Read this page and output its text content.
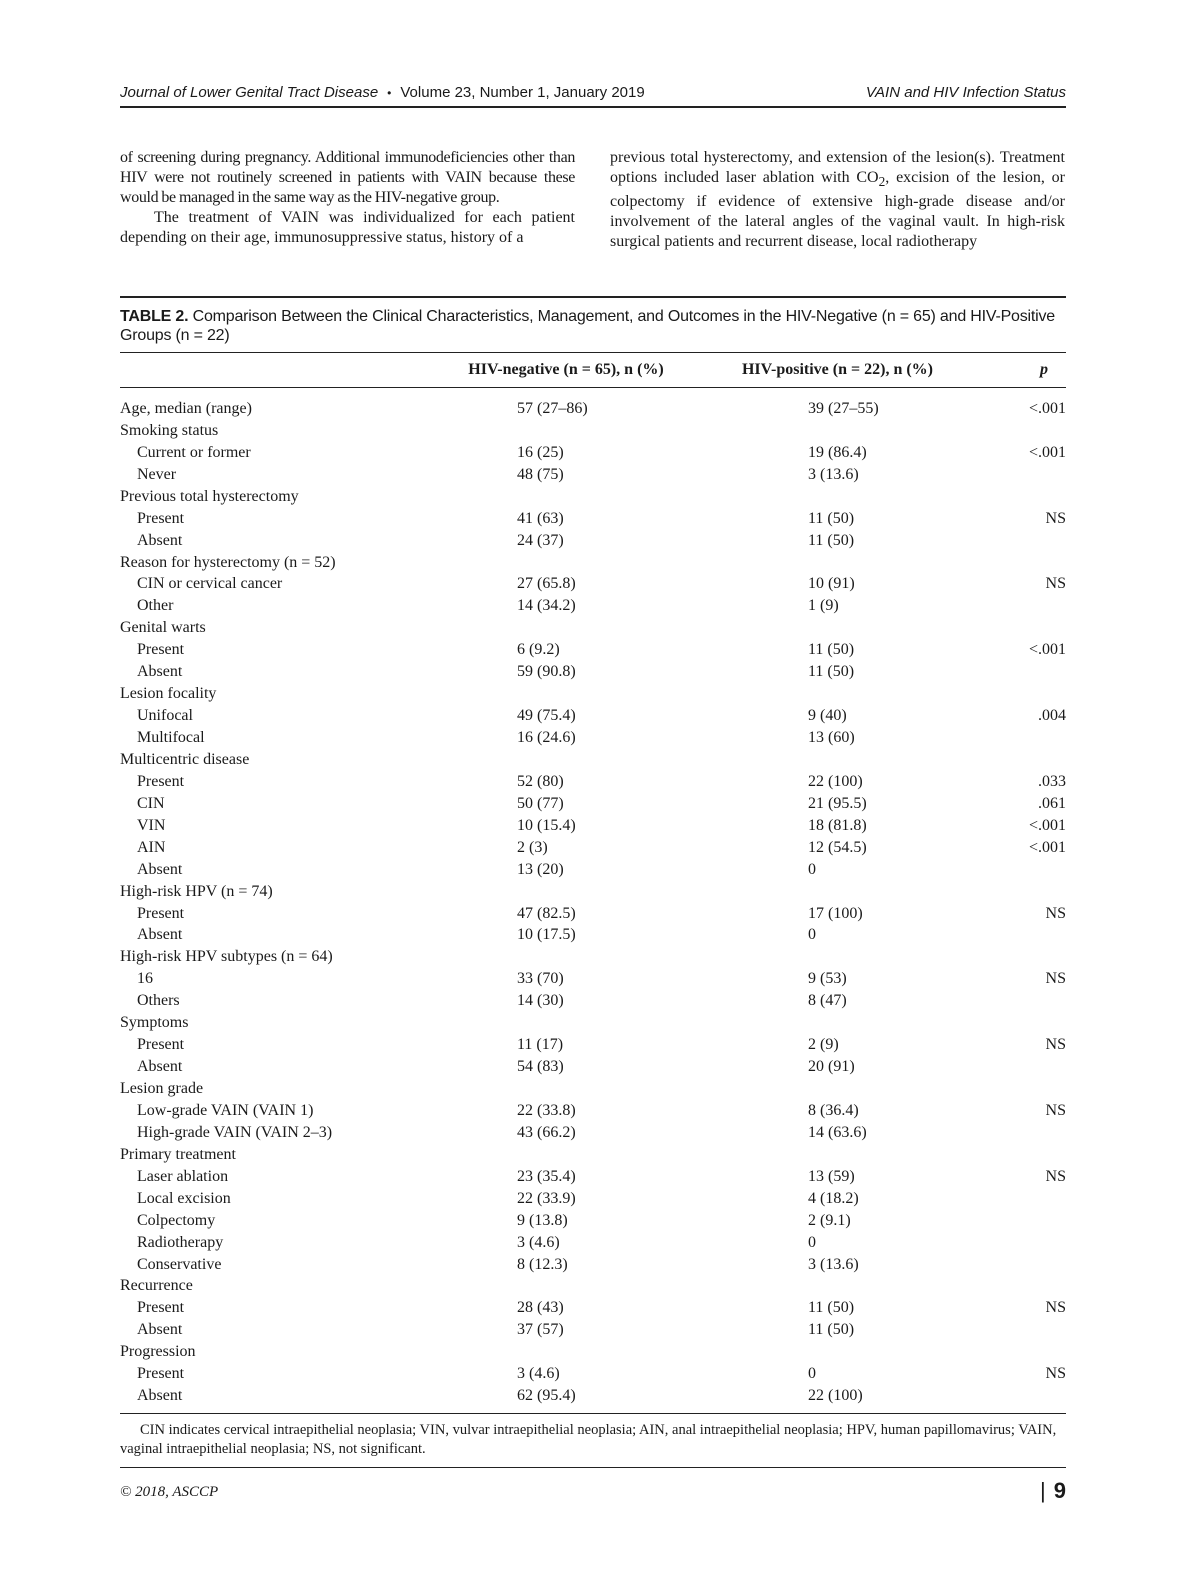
Journal of Lower Genital Tract Disease • Volume 23, Number 1, January 2019	VAIN and HIV Infection Status

of screening during pregnancy. Additional immunodeficiencies other than HIV were not routinely screened in patients with VAIN because these would be managed in the same way as the HIV-negative group.

The treatment of VAIN was individualized for each patient depending on their age, immunosuppressive status, history of a

previous total hysterectomy, and extension of the lesion(s). Treatment options included laser ablation with $CO_2$, excision of the lesion, or colpectomy if evidence of extensive high-grade disease and/or involvement of the lateral angles of the vaginal vault. In high-risk surgical patients and recurrent disease, local radiotherapy

TABLE 2. Comparison Between the Clinical Characteristics, Management, and Outcomes in the HIV-Negative (n = 65) and HIV-Positive Groups (n = 22)
	HIV-negative (n = 65), n (%)	HIV-positive (n = 22), n (%)	p
Age, median (range)	57 (27–86)	39 (27–55)	<.001
Smoking status			
Current or former	16 (25)	19 (86.4)	<.001
Never	48 (75)	3 (13.6)	
Previous total hysterectomy			
Present	41 (63)	11 (50)	NS
Absent	24 (37)	11 (50)	
Reason for hysterectomy (n = 52)			
CIN or cervical cancer	27 (65.8)	10 (91)	NS
Other	14 (34.2)	1 (9)	
Genital warts			
Present	6 (9.2)	11 (50)	<.001
Absent	59 (90.8)	11 (50)	
Lesion focality			
Unifocal	49 (75.4)	9 (40)	.004
Multifocal	16 (24.6)	13 (60)	
Multicentric disease			
Present	52 (80)	22 (100)	.033
CIN	50 (77)	21 (95.5)	.061
VIN	10 (15.4)	18 (81.8)	<.001
AIN	2 (3)	12 (54.5)	<.001
Absent	13 (20)	0	
High-risk HPV (n = 74)			
Present	47 (82.5)	17 (100)	NS
Absent	10 (17.5)	0	
High-risk HPV subtypes (n = 64)			
16	33 (70)	9 (53)	NS
Others	14 (30)	8 (47)	
Symptoms			
Present	11 (17)	2 (9)	NS
Absent	54 (83)	20 (91)	
Lesion grade			
Low-grade VAIN (VAIN 1)	22 (33.8)	8 (36.4)	NS
High-grade VAIN (VAIN 2–3)	43 (66.2)	14 (63.6)	
Primary treatment			
Laser ablation	23 (35.4)	13 (59)	NS
Local excision	22 (33.9)	4 (18.2)	
Colpectomy	9 (13.8)	2 (9.1)	
Radiotherapy	3 (4.6)	0	
Conservative	8 (12.3)	3 (13.6)	
Recurrence			
Present	28 (43)	11 (50)	NS
Absent	37 (57)	11 (50)	
Progression			
Present	3 (4.6)	0	NS
Absent	62 (95.4)	22 (100)	
CIN indicates cervical intraepithelial neoplasia; VIN, vulvar intraepithelial neoplasia; AIN, anal intraepithelial neoplasia; HPV, human papillomavirus; VAIN, vaginal intraepithelial neoplasia; NS, not significant.
© 2018, ASCCP	| 9
